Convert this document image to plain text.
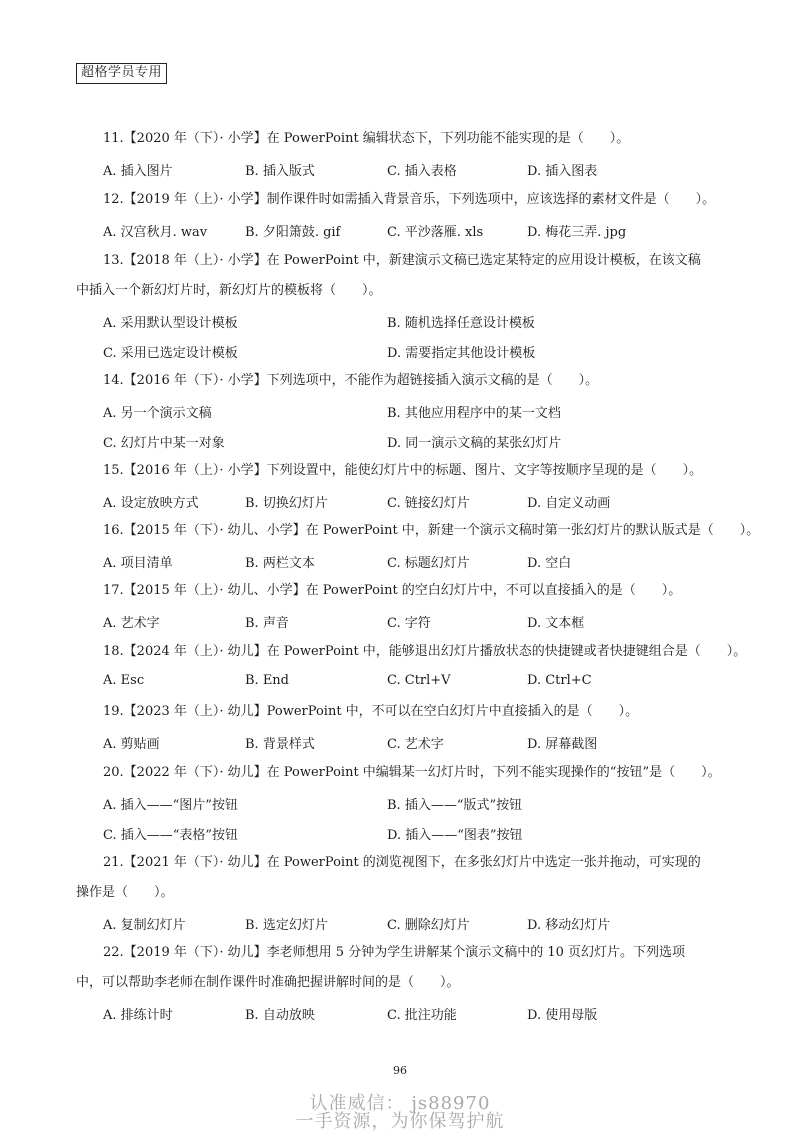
超格学员专用
11.【2020 年（下）· 小学】在 PowerPoint 编辑状态下，下列功能不能实现的是（　　）。
A. 插入图片	B. 插入版式	C. 插入表格	D. 插入图表
12.【2019 年（上）· 小学】制作课件时如需插入背景音乐，下列选项中，应该选择的素材文件是（　　）。
A. 汉宫秋月. wav	B. 夕阳箫鼓. gif	C. 平沙落雁. xls	D. 梅花三弄. jpg
13.【2018 年（上）· 小学】在 PowerPoint 中，新建演示文稿已选定某特定的应用设计模板，在该文稿中插入一个新幻灯片时，新幻灯片的模板将（　　）。
A. 采用默认型设计模板	B. 随机选择任意设计模板
C. 采用已选定设计模板	D. 需要指定其他设计模板
14.【2016 年（下）· 小学】下列选项中，不能作为超链接插入演示文稿的是（　　）。
A. 另一个演示文稿	B. 其他应用程序中的某一文档
C. 幻灯片中某一对象	D. 同一演示文稿的某张幻灯片
15.【2016 年（上）· 小学】下列设置中，能使幻灯片中的标题、图片、文字等按顺序呈现的是（　　）。
A. 设定放映方式	B. 切换幻灯片	C. 链接幻灯片	D. 自定义动画
16.【2015 年（下）· 幼儿、小学】在 PowerPoint 中，新建一个演示文稿时第一张幻灯片的默认版式是（　　）。
A. 项目清单	B. 两栏文本	C. 标题幻灯片	D. 空白
17.【2015 年（上）· 幼儿、小学】在 PowerPoint 的空白幻灯片中，不可以直接插入的是（　　）。
A. 艺术字	B. 声音	C. 字符	D. 文本框
18.【2024 年（上）· 幼儿】在 PowerPoint 中，能够退出幻灯片播放状态的快捷键或者快捷键组合是（　　）。
A. Esc	B. End	C. Ctrl+V	D. Ctrl+C
19.【2023 年（上）· 幼儿】PowerPoint 中，不可以在空白幻灯片中直接插入的是（　　）。
A. 剪贴画	B. 背景样式	C. 艺术字	D. 屏幕截图
20.【2022 年（下）· 幼儿】在 PowerPoint 中编辑某一幻灯片时，下列不能实现操作的“按钮”是（　　）。
A. 插入——“图片”按钮	B. 插入——“版式”按钮
C. 插入——“表格”按钮	D. 插入——“图表”按钮
21.【2021 年（下）· 幼儿】在 PowerPoint 的浏览视图下，在多张幻灯片中选定一张并拖动，可实现的操作是（　　）。
A. 复制幻灯片	B. 选定幻灯片	C. 删除幻灯片	D. 移动幻灯片
22.【2019 年（下）· 幼儿】李老师想用 5 分钟为学生讲解某个演示文稿中的 10 页幻灯片。下列选项中，可以帮助李老师在制作课件时准确把握讲解时间的是（　　）。
A. 排练计时	B. 自动放映	C. 批注功能	D. 使用母版
96
认准威信： js88970
一手资源，为你保驾护航
